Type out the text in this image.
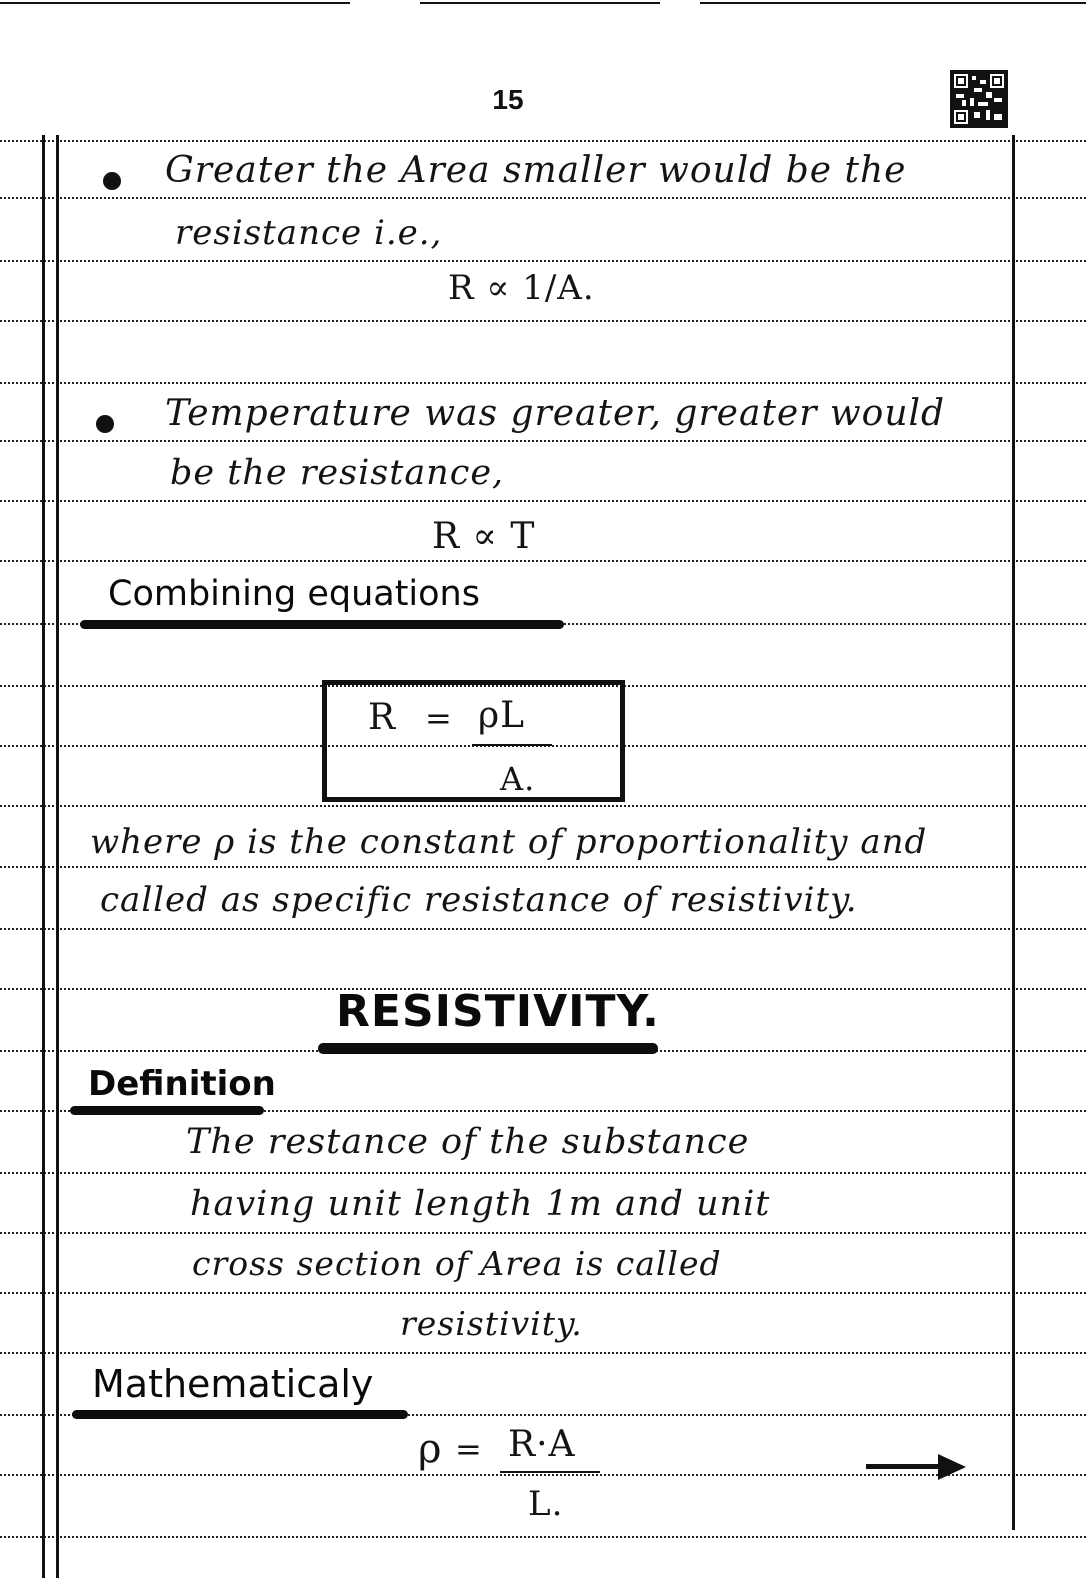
15
Greater the Area smaller would be the
resistance i.e.,
R ∝ 1/A.
Temperature was greater, greater would
be the resistance,
R ∝ T
Combining equations
R = ρL
A.
where ρ is the constant of proportionality and
called as specific resistance of resistivity.
RESISTIVITY.
Definition
The restance of the substance
having unit length 1m and unit
cross section of Area is called
resistivity.
Mathematicaly
ρ = R·A
L.
